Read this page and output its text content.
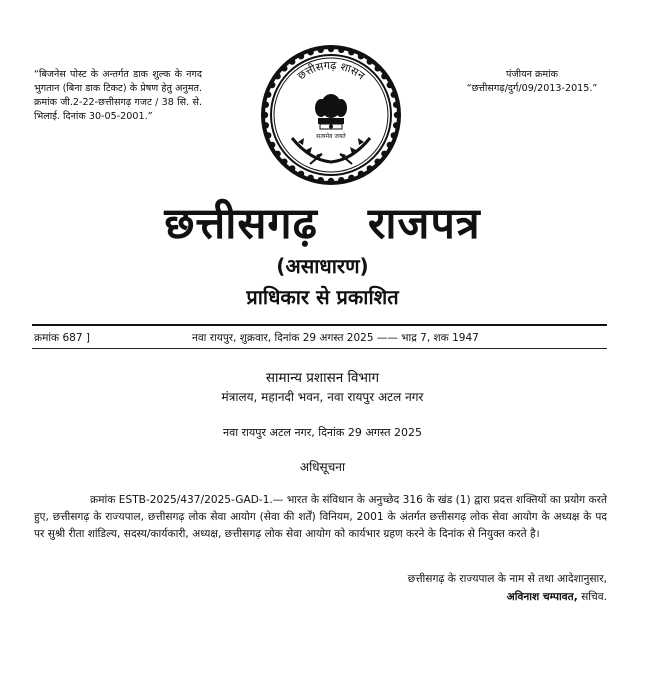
“बिजनेस पोस्ट के अन्तर्गत डाक शुल्क के नगद भुगतान (बिना डाक टिकट) के प्रेषण हेतु अनुमत. क्रमांक जी.2-22-छत्तीसगढ़ गजट / 38 सि. से. भिलाई. दिनांक 30-05-2001.”
पंजीयन क्रमांक
“छत्तीसगढ़/दुर्ग/09/2013-2015.”
छत्तीसगढ़ शासन
सत्यमेव जयते
छत्तीसगढ़ राजपत्र
(असाधारण)
प्राधिकार से प्रकाशित
क्रमांक 687 ]	नवा रायपुर, शुक्रवार, दिनांक 29 अगस्त 2025 —— भाद्र 7, शक 1947
सामान्य प्रशासन विभाग
मंत्रालय, महानदी भवन, नवा रायपुर अटल नगर
नवा रायपुर अटल नगर, दिनांक 29 अगस्त 2025
अधिसूचना
क्रमांक ESTB-2025/437/2025-GAD-1.— भारत के संविधान के अनुच्छेद 316 के खंड (1) द्वारा प्रदत्त शक्तियों का प्रयोग करते हुए, छत्तीसगढ़ के राज्यपाल, छत्तीसगढ़ लोक सेवा आयोग (सेवा की शर्तें) विनियम, 2001 के अंतर्गत छत्तीसगढ़ लोक सेवा आयोग के अध्यक्ष के पद पर सुश्री रीता शांडिल्य, सदस्य/कार्यकारी, अध्यक्ष, छत्तीसगढ़ लोक सेवा आयोग को कार्यभार ग्रहण करने के दिनांक से नियुक्त करते है।
छत्तीसगढ़ के राज्यपाल के नाम से तथा आदेशानुसार,
अविनाश चम्पावत, सचिव.
